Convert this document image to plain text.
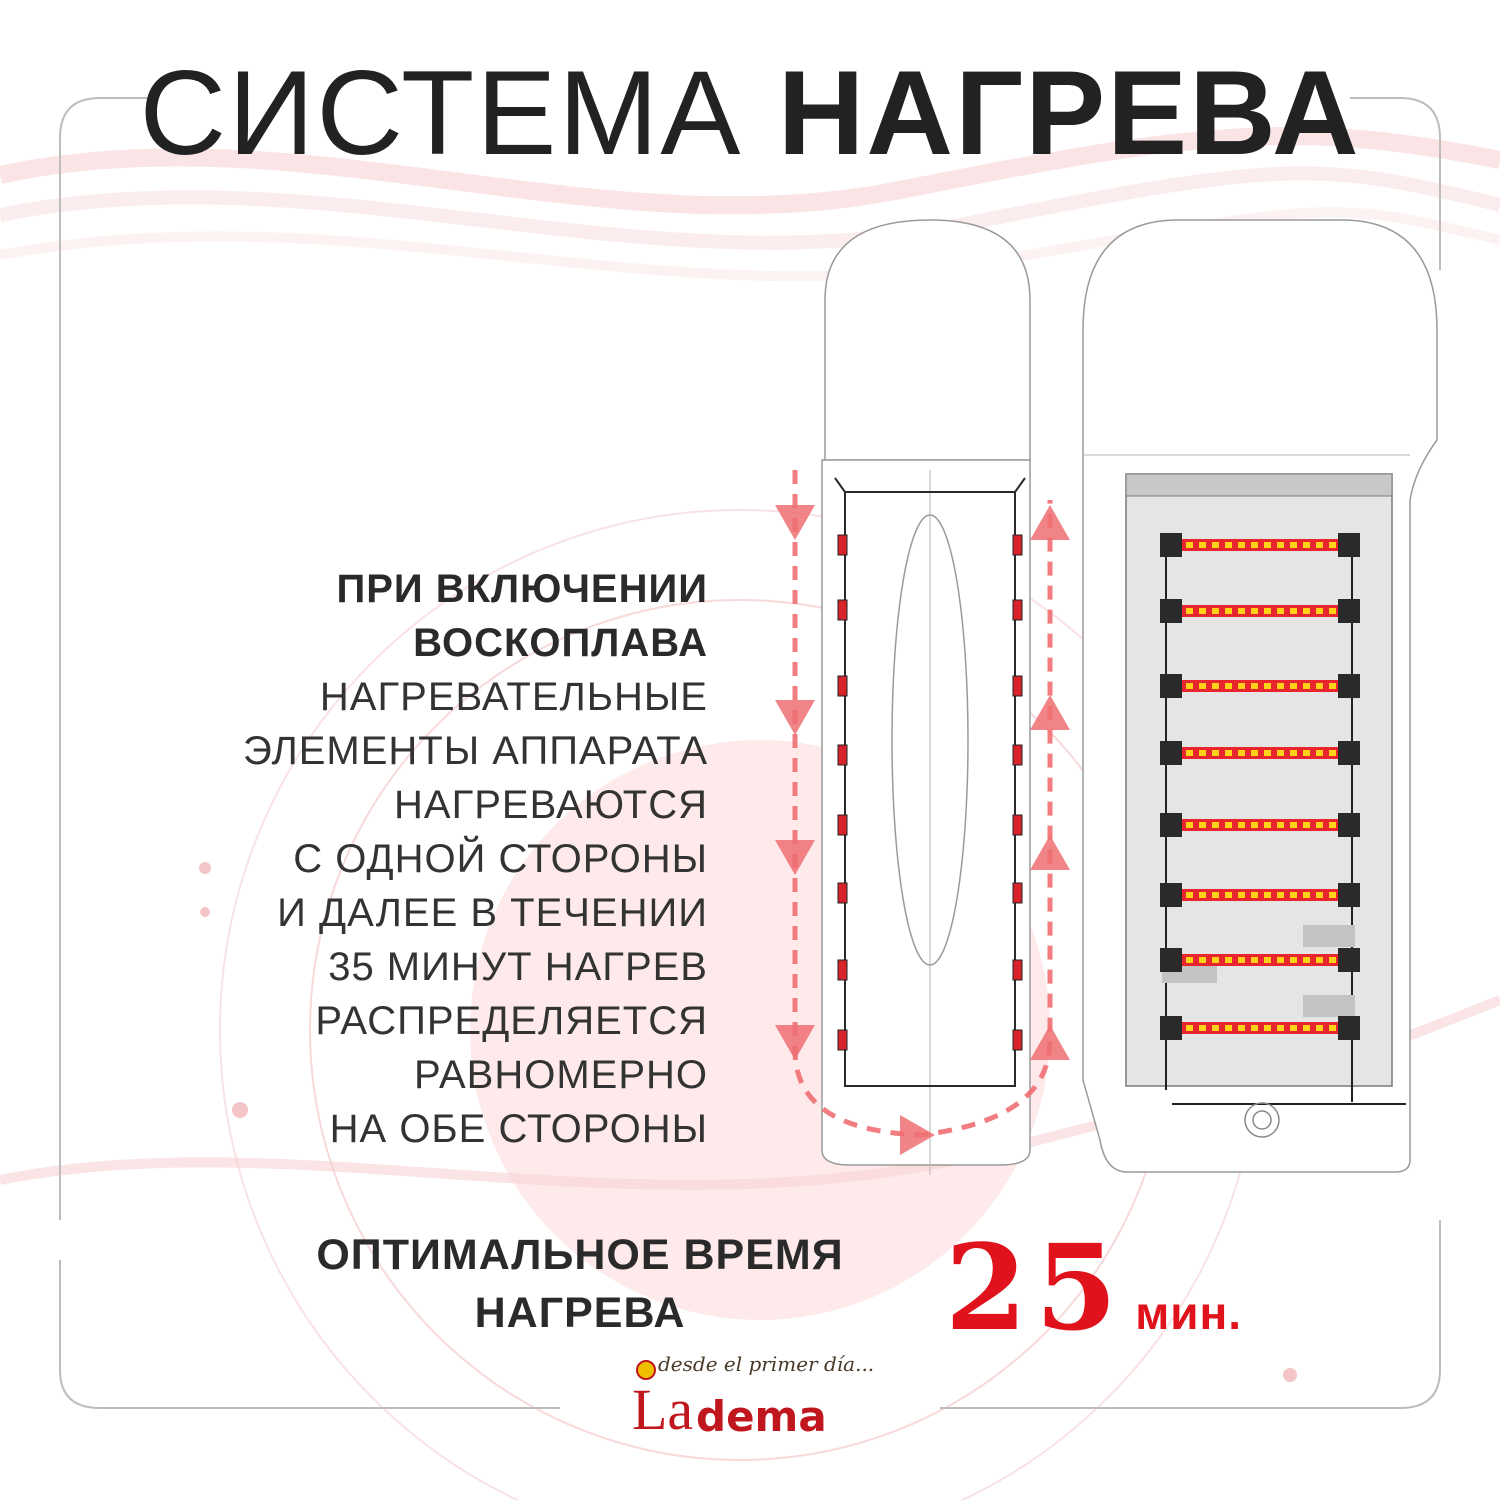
СИСТЕМА НАГРЕВА
ПРИ ВКЛЮЧЕНИИ
ВОСКОПЛАВА
НАГРЕВАТЕЛЬНЫЕ
ЭЛЕМЕНТЫ АППАРАТА
НАГРЕВАЮТСЯ
С ОДНОЙ СТОРОНЫ
И ДАЛЕЕ В ТЕЧЕНИИ
35 МИНУТ НАГРЕВ
РАСПРЕДЕЛЯЕТСЯ
РАВНОМЕРНО
НА ОБЕ СТОРОНЫ
ОПТИМАЛЬНОЕ ВРЕМЯ
НАГРЕВА	25 мин.
desde el primer día...
La dema
